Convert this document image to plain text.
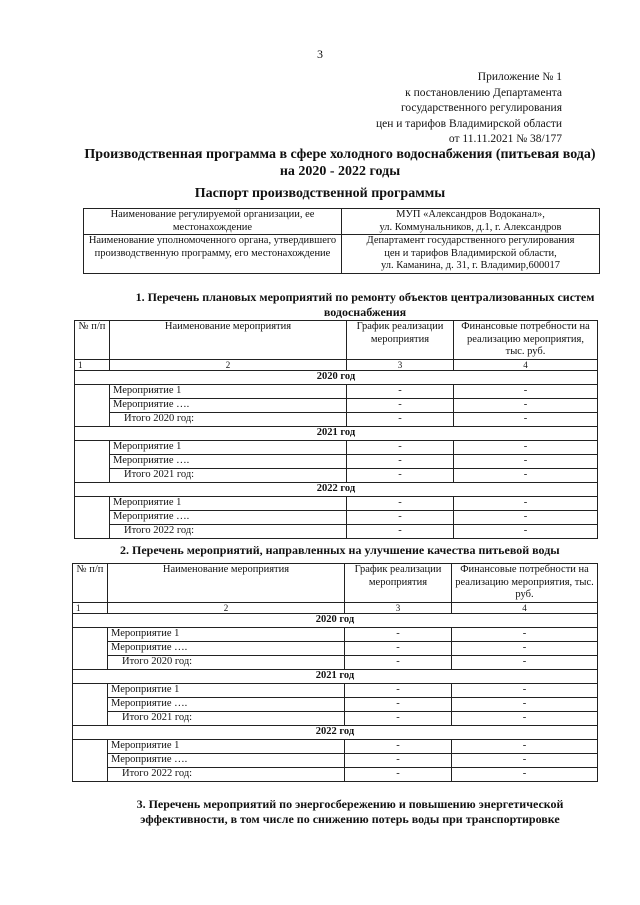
3
Приложение № 1
к постановлению Департамента
государственного регулирования
цен и тарифов Владимирской области
от 11.11.2021 № 38/177
Производственная программа в сфере холодного водоснабжения (питьевая вода) на 2020 - 2022 годы
Паспорт производственной программы
Наименование регулируемой организации, ее местонахождение	МУП «Александров Водоканал»,
ул. Коммунальников, д.1, г. Александров

Наименование уполномоченного органа, утвердившего производственную программу, его местонахождение	Департамент государственного регулирования
цен и тарифов Владимирской области,
ул. Каманина, д. 31, г. Владимир,600017
1. Перечень плановых мероприятий по ремонту объектов централизованных систем водоснабжения
№ п/п	Наименование мероприятия	График реализации мероприятия	Финансовые потребности на реализацию мероприятия, тыс. руб.
1	2	3	4
2020 год			
	Мероприятие 1	-	-
	Мероприятие ….	-	-
	Итого 2020 год:	-	-
2021 год			
	Мероприятие 1	-	-
	Мероприятие ….	-	-
	Итого 2021 год:	-	-
2022 год			
	Мероприятие 1	-	-
	Мероприятие ….	-	-
	Итого 2022 год:	-	-
2. Перечень мероприятий, направленных на улучшение качества питьевой воды
№ п/п	Наименование мероприятия	График реализации мероприятия	Финансовые потребности на реализацию мероприятия, тыс. руб.
1	2	3	4
2020 год			
	Мероприятие 1	-	-
	Мероприятие ….	-	-
	Итого 2020 год:	-	-
2021 год			
	Мероприятие 1	-	-
	Мероприятие ….	-	-
	Итого 2021 год:	-	-
2022 год			
	Мероприятие 1	-	-
	Мероприятие ….	-	-
	Итого 2022 год:	-	-
3. Перечень мероприятий по энергосбережению и повышению энергетической эффективности, в том числе по снижению потерь воды при транспортировке
